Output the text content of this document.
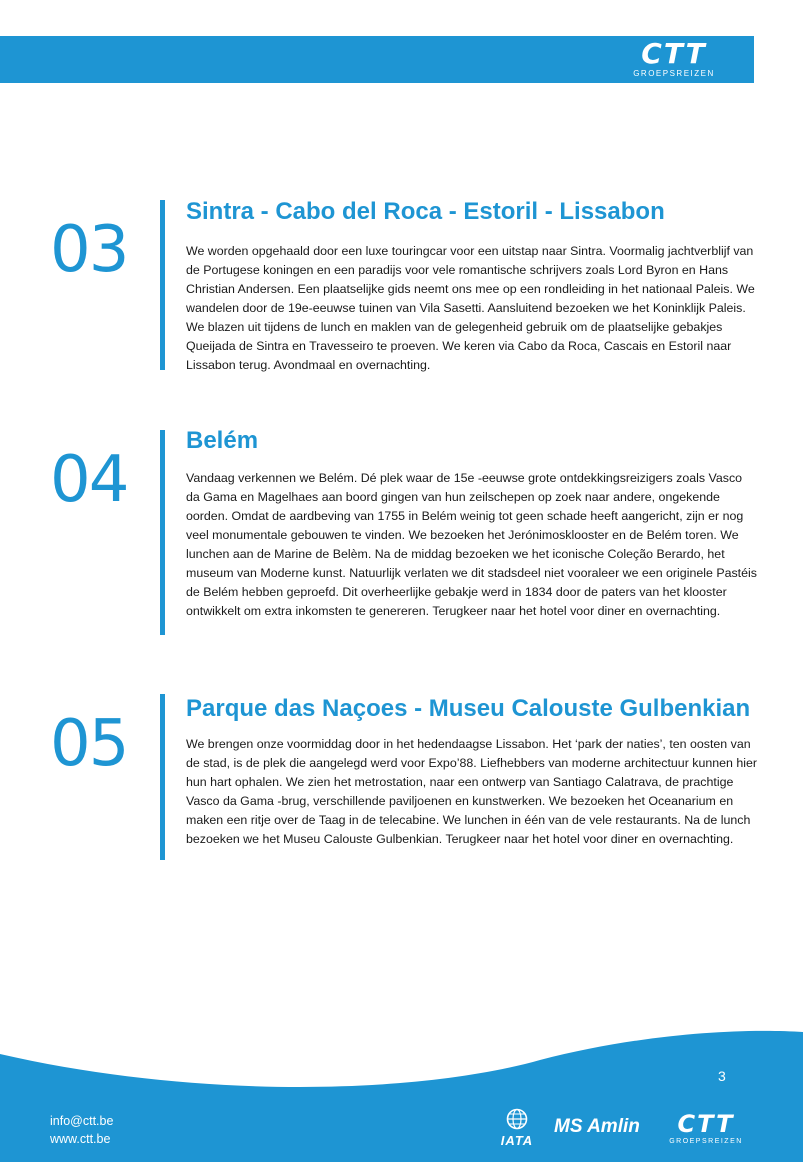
CTT
GROEPSREIZEN
03
Sintra - Cabo del Roca - Estoril - Lissabon

We worden opgehaald door een luxe touringcar voor een uitstap naar Sintra. Voormalig jachtverblijf van de Portugese koningen en een paradijs voor vele romantische schrijvers zoals Lord Byron en Hans Christian Andersen. Een plaatselijke gids neemt ons mee op een rondleiding in het nationaal Paleis. We wandelen door de 19e-eeuwse tuinen van Vila Sasetti. Aansluitend bezoeken we het Koninklijk Paleis. We blazen uit tijdens de lunch en maklen van de gelegenheid gebruik om de plaatselijke gebakjes Queijada de Sintra en Travesseiro te proeven. We keren via Cabo da Roca, Cascais en Estoril naar Lissabon terug. Avondmaal en overnachting.

04
Belém

Vandaag verkennen we Belém. Dé plek waar de 15e -eeuwse grote ontdekkingsreizigers zoals Vasco da Gama en Magelhaes aan boord gingen van hun zeilschepen op zoek naar andere, ongekende oorden. Omdat de aardbeving van 1755 in Belém weinig tot geen schade heeft aangericht, zijn er nog veel monumentale gebouwen te vinden. We bezoeken het Jerónimosklooster en de Belém toren. We lunchen aan de Marine de Belèm. Na de middag bezoeken we het iconische Coleção Berardo, het museum van Moderne kunst. Natuurlijk verlaten we dit stadsdeel niet vooraleer we een originele Pastéis de Belém hebben geproefd. Dit overheerlijke gebakje werd in 1834 door de paters van het klooster ontwikkelt om extra inkomsten te genereren. Terugkeer naar het hotel voor diner en overnachting.

05 Parque das Naçoes - Museu Calouste Gulbenkian

We brengen onze voormiddag door in het hedendaagse Lissabon. Het ‘park der naties’, ten oosten van de stad, is de plek die aangelegd werd voor Expo’88. Liefhebbers van moderne architectuur kunnen hier hun hart ophalen. We zien het metrostation, naar een ontwerp van Santiago Calatrava, de prachtige Vasco da Gama -brug, verschillende paviljoenen en kunstwerken. We bezoeken het Oceanarium en maken een ritje over de Taag in de telecabine. We lunchen in één van de vele restaurants. Na de lunch bezoeken we het Museu Calouste Gulbenkian. Terugkeer naar het hotel voor diner en overnachting.

3
info@ctt.be
www.ctt.be	IATA
MS Amlin	CTT
GROEPSREIZEN
